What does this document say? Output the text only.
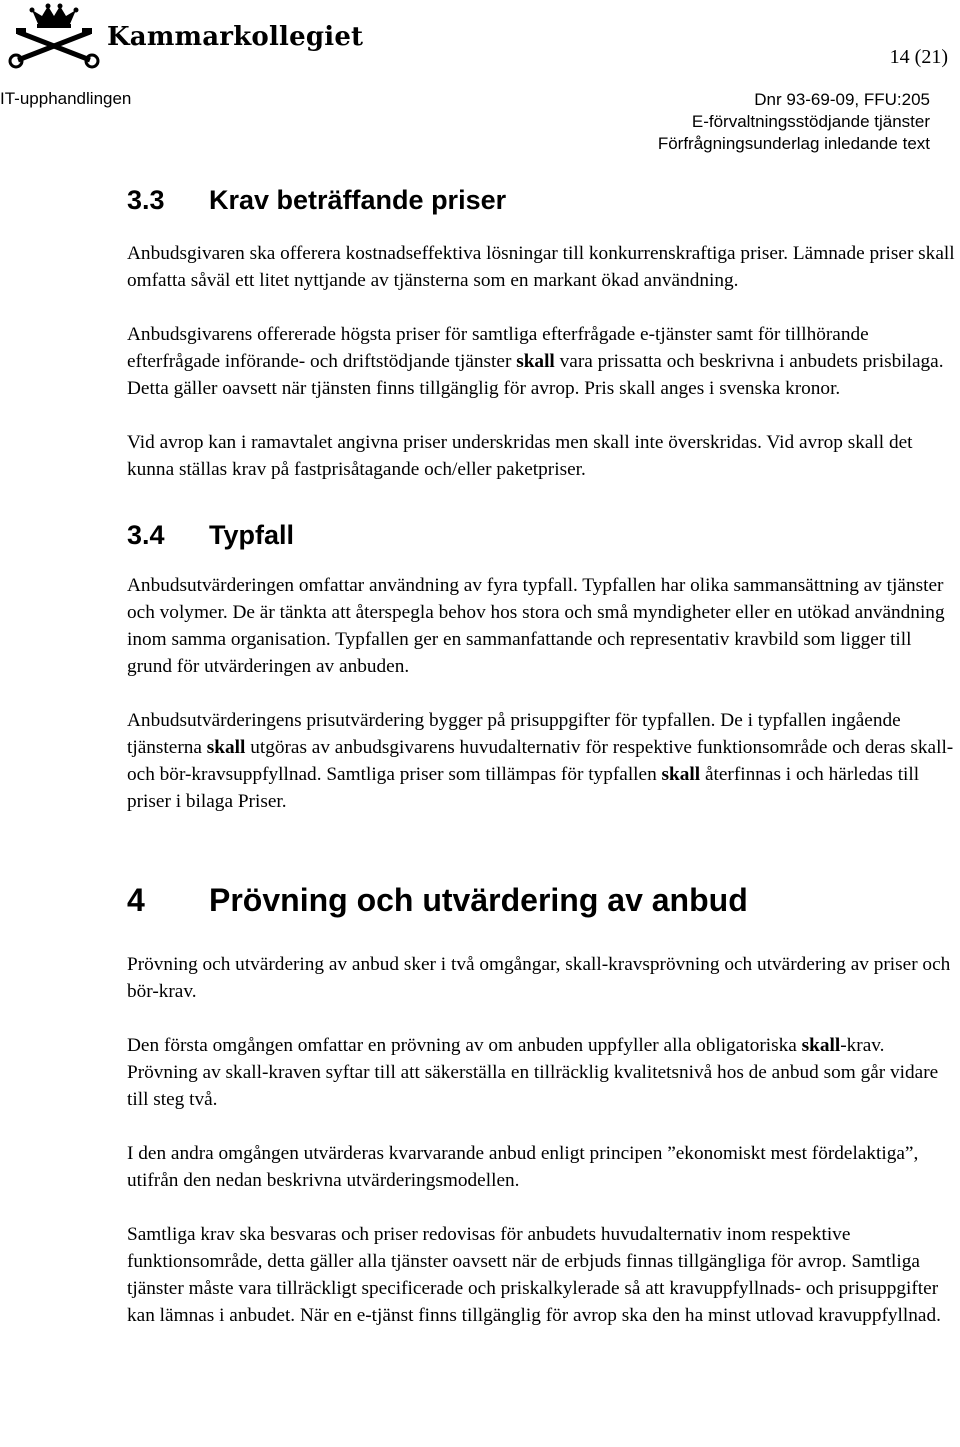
Kammarkollegiet
14 (21)
IT-upphandlingen	Dnr 93-69-09, FFU:205
E-förvaltningsstödjande tjänster
Förfrågningsunderlag inledande text
3.3 Krav beträffande priser

Anbudsgivaren ska offerera kostnadseffektiva lösningar till konkurrenskraftiga priser. Lämnade priser skall omfatta såväl ett litet nyttjande av tjänsterna som en markant ökad användning.

Anbudsgivarens offererade högsta priser för samtliga efterfrågade e-tjänster samt för tillhörande efterfrågade införande- och driftstödjande tjänster skall vara prissatta och beskrivna i anbudets prisbilaga. Detta gäller oavsett när tjänsten finns tillgänglig för avrop. Pris skall anges i svenska kronor.

Vid avrop kan i ramavtalet angivna priser underskridas men skall inte överskridas. Vid avrop skall det kunna ställas krav på fastprisåtagande och/eller paketpriser.

3.4 Typfall

Anbudsutvärderingen omfattar användning av fyra typfall. Typfallen har olika sammansättning av tjänster och volymer. De är tänkta att återspegla behov hos stora och små myndigheter eller en utökad användning inom samma organisation. Typfallen ger en sammanfattande och representativ kravbild som ligger till grund för utvärderingen av anbuden.

Anbudsutvärderingens prisutvärdering bygger på prisuppgifter för typfallen. De i typfallen ingående tjänsterna skall utgöras av anbudsgivarens huvudalternativ för respektive funktionsområde och deras skall- och bör-kravsuppfyllnad. Samtliga priser som tillämpas för typfallen skall återfinnas i och härledas till priser i bilaga Priser.

4 Prövning och utvärdering av anbud

Prövning och utvärdering av anbud sker i två omgångar, skall-kravsprövning och utvärdering av priser och bör-krav.

Den första omgången omfattar en prövning av om anbuden uppfyller alla obligatoriska skall-krav. Prövning av skall-kraven syftar till att säkerställa en tillräcklig kvalitetsnivå hos de anbud som går vidare till steg två.

I den andra omgången utvärderas kvarvarande anbud enligt principen ”ekonomiskt mest fördelaktiga”, utifrån den nedan beskrivna utvärderingsmodellen.

Samtliga krav ska besvaras och priser redovisas för anbudets huvudalternativ inom respektive funktionsområde, detta gäller alla tjänster oavsett när de erbjuds finnas tillgängliga för avrop. Samtliga tjänster måste vara tillräckligt specificerade och priskalkylerade så att kravuppfyllnads- och prisuppgifter kan lämnas i anbudet. När en e-tjänst finns tillgänglig för avrop ska den ha minst utlovad kravuppfyllnad.
